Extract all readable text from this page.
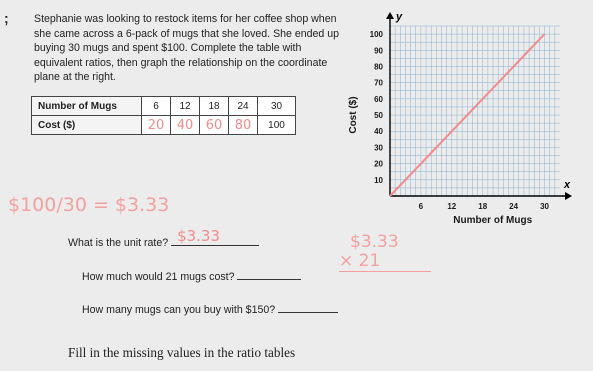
; Stephanie was looking to restock items for her coffee shop when she came across a 6-pack of mugs that she loved. She ended up buying 30 mugs and spent $100. Complete the table with equivalent ratios, then graph the relationship on the coordinate plane at the right.
Number of Mugs	6	12	18	24	30
Cost ($)	20	40	60	80	100
$100/30 = $3.33
What is the unit rate? $3.33	$3.33
× 21
How much would 21 mugs cost?
How many mugs can you buy with $150?
Fill in the missing values in the ratio tables
6	12	18	24	30
10
20
30
40
50
60
70
80
90
100
Number of Mugs
Cost ($)
x
y
